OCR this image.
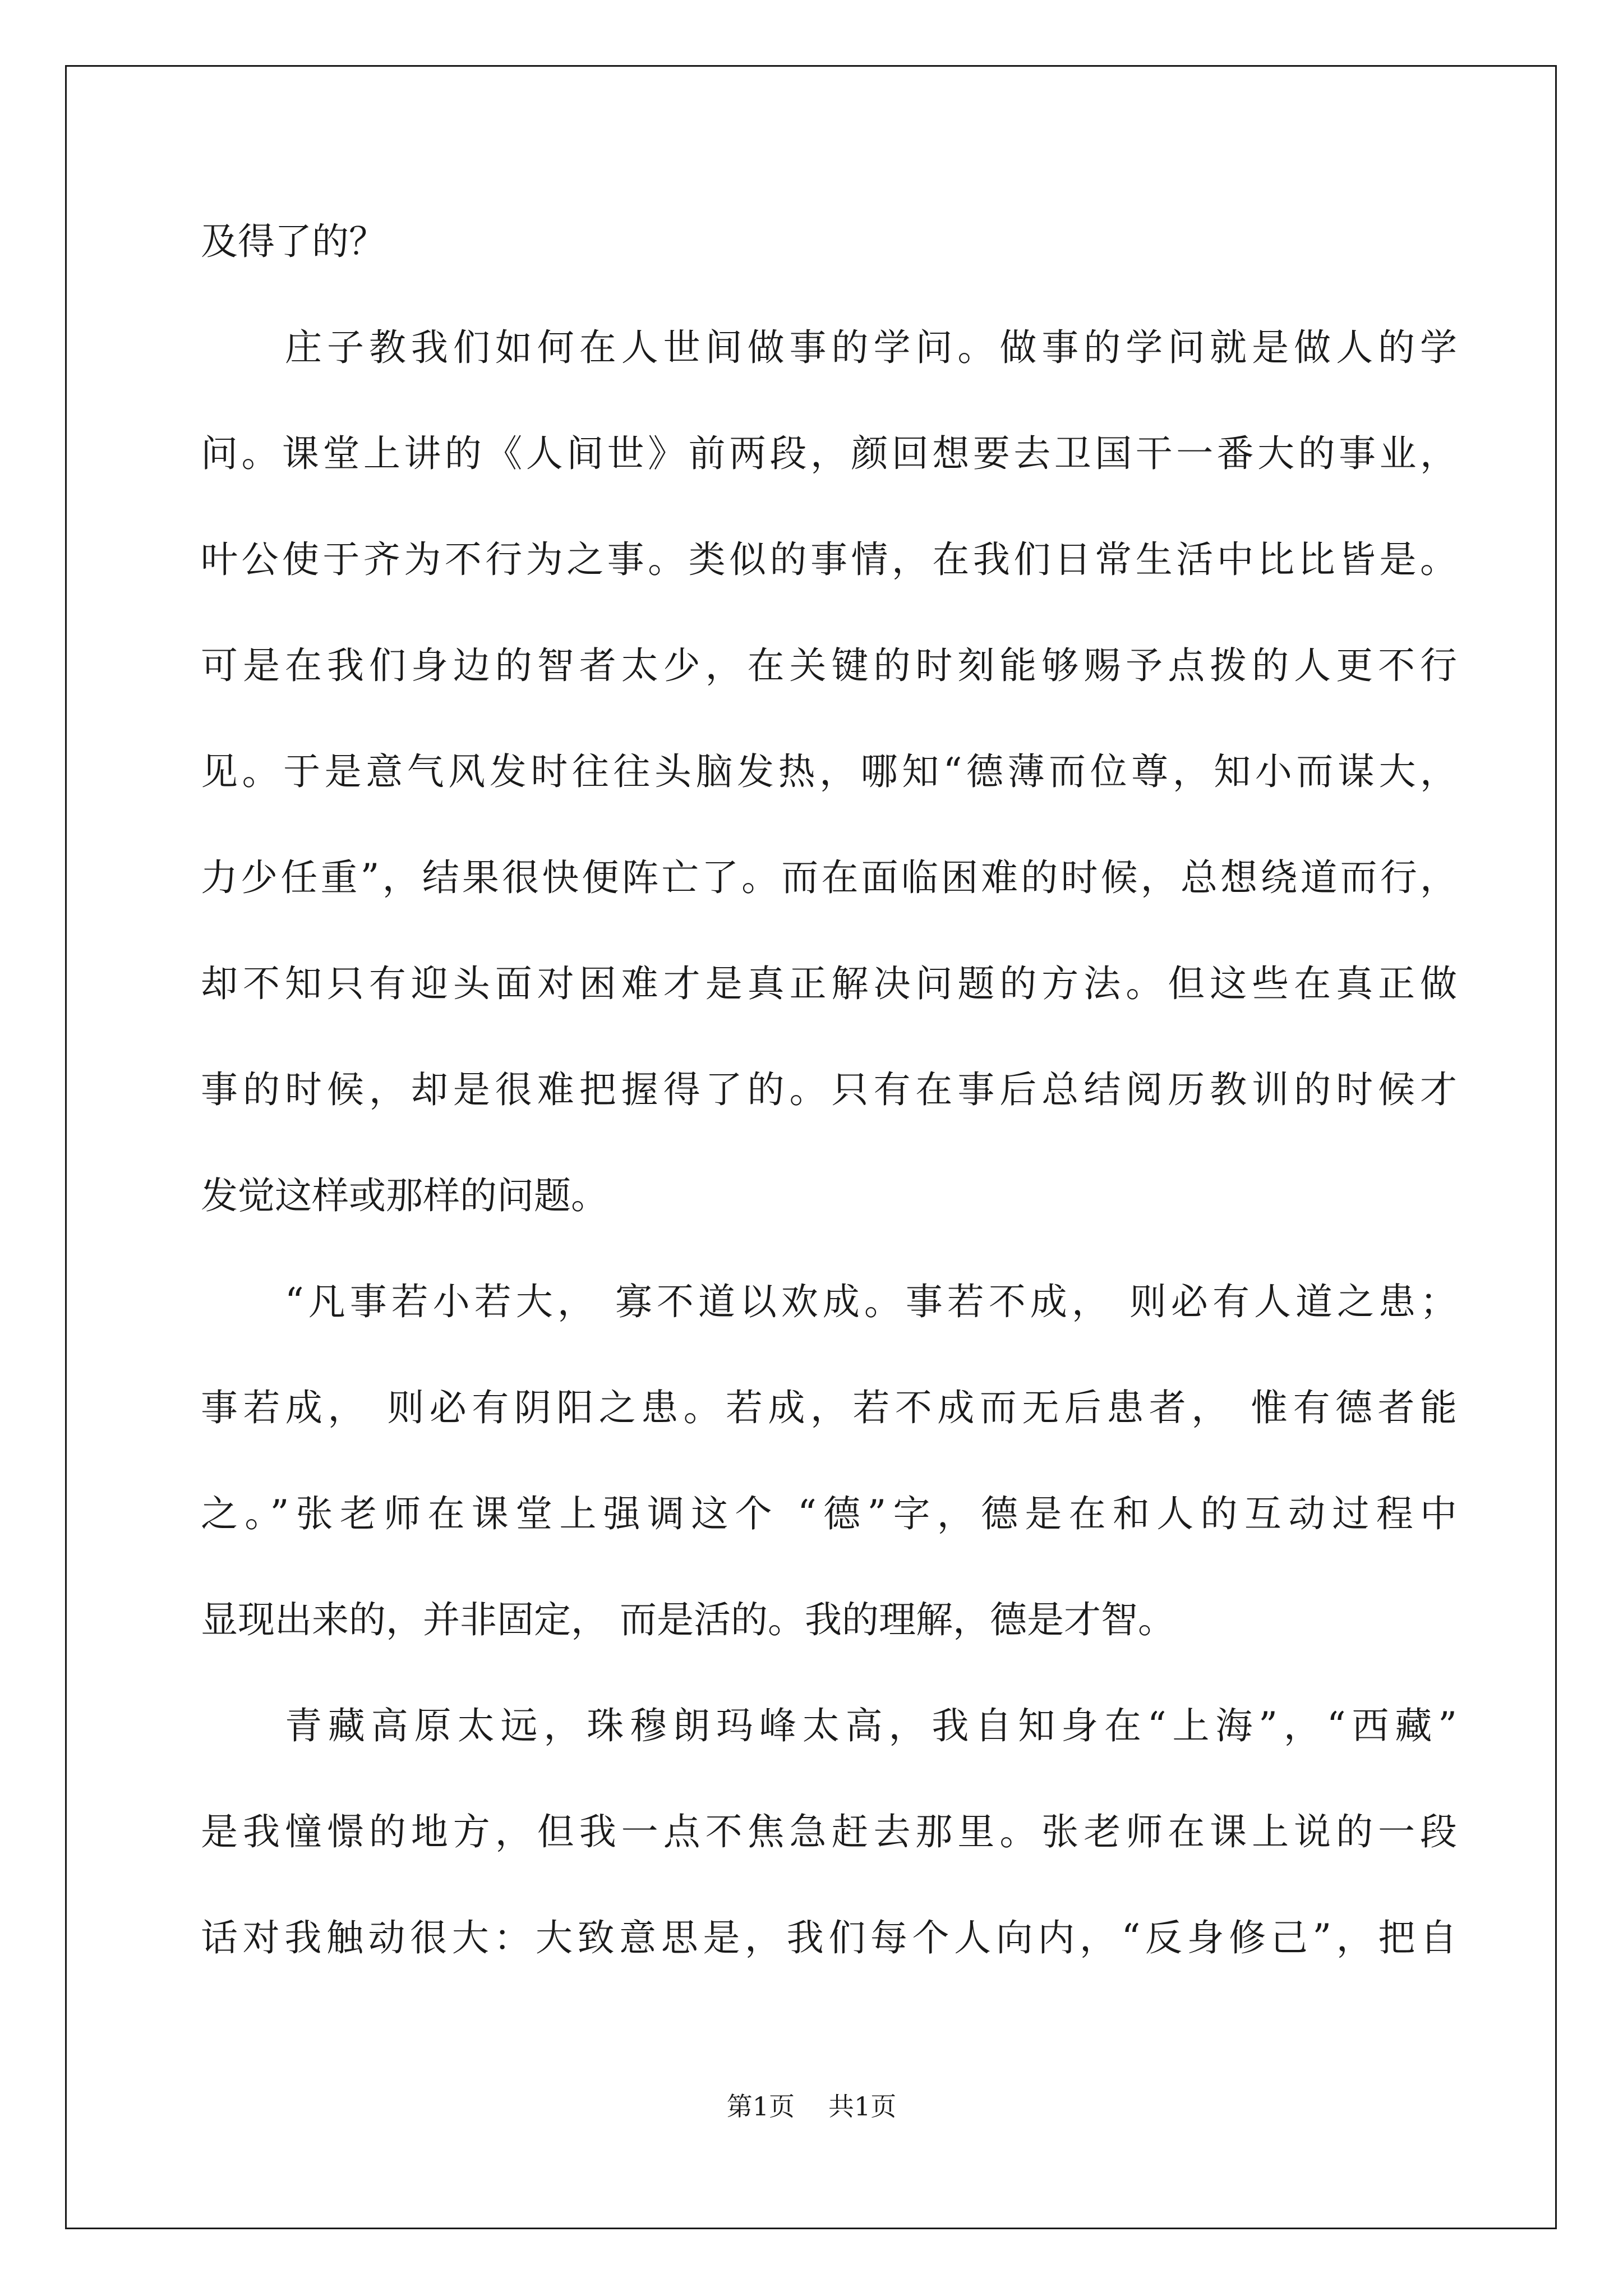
及得了的？
庄子教我们如何在人世间做事的学问。做事的学问就是做人的学
问。课堂上讲的《人间世》前两段，颜回想要去卫国干一番大的事业，
叶公使于齐为不行为之事。类似的事情，在我们日常生活中比比皆是。
可是在我们身边的智者太少，在关键的时刻能够赐予点拨的人更不行
见。于是意气风发时往往头脑发热，哪知“德薄而位尊，知小而谋大，
力少任重”，结果很快便阵亡了。而在面临困难的时候，总想绕道而行，
却不知只有迎头面对困难才是真正解决问题的方法。但这些在真正做
事的时候，却是很难把握得了的。只有在事后总结阅历教训的时候才
发觉这样或那样的问题。
“凡事若小若大， 寡不道以欢成。事若不成， 则必有人道之患；
事若成， 则必有阴阳之患。若成，若不成而无后患者， 惟有德者能
之。”张老师在课堂上强调这个 “德”字，德是在和人的互动过程中
显现出来的，并非固定， 而是活的。我的理解，德是才智。
青藏高原太远，珠穆朗玛峰太高，我自知身在“上海”，“西藏”
是我憧憬的地方，但我一点不焦急赶去那里。张老师在课上说的一段
话对我触动很大：大致意思是，我们每个人向内，“反身修己”，把自
第1页 共1页
